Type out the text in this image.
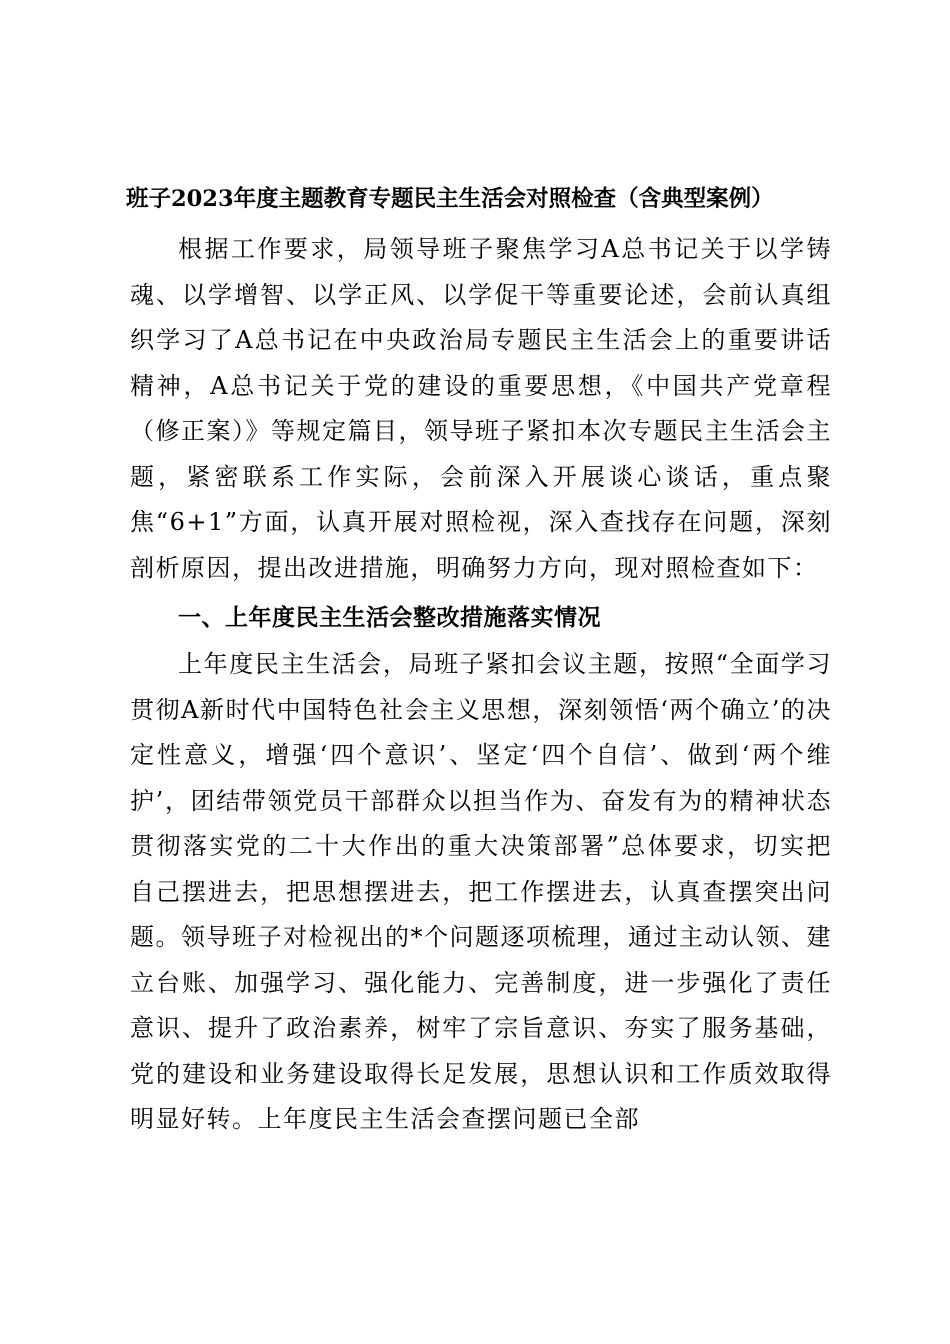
班子2023年度主题教育专题民主生活会对照检查（含典型案例）

根据工作要求，局领导班子聚焦学习A总书记关于以学铸魂、以学增智、以学正风、以学促干等重要论述，会前认真组织学习了A总书记在中央政治局专题民主生活会上的重要讲话精神，A总书记关于党的建设的重要思想，《中国共产党章程（修正案）》等规定篇目，领导班子紧扣本次专题民主生活会主题，紧密联系工作实际，会前深入开展谈心谈话，重点聚焦“6+1”方面，认真开展对照检视，深入查找存在问题，深刻剖析原因，提出改进措施，明确努力方向，现对照检查如下：

一、上年度民主生活会整改措施落实情况

上年度民主生活会，局班子紧扣会议主题，按照“全面学习贯彻A新时代中国特色社会主义思想，深刻领悟‘两个确立’的决定性意义，增强‘四个意识’、坚定‘四个自信’、做到‘两个维护’，团结带领党员干部群众以担当作为、奋发有为的精神状态贯彻落实党的二十大作出的重大决策部署”总体要求，切实把自己摆进去，把思想摆进去，把工作摆进去，认真查摆突出问题。领导班子对检视出的*个问题逐项梳理，通过主动认领、建立台账、加强学习、强化能力、完善制度，进一步强化了责任意识、提升了政治素养，树牢了宗旨意识、夯实了服务基础，党的建设和业务建设取得长足发展，思想认识和工作质效取得明显好转。上年度民主生活会查摆问题已全部
